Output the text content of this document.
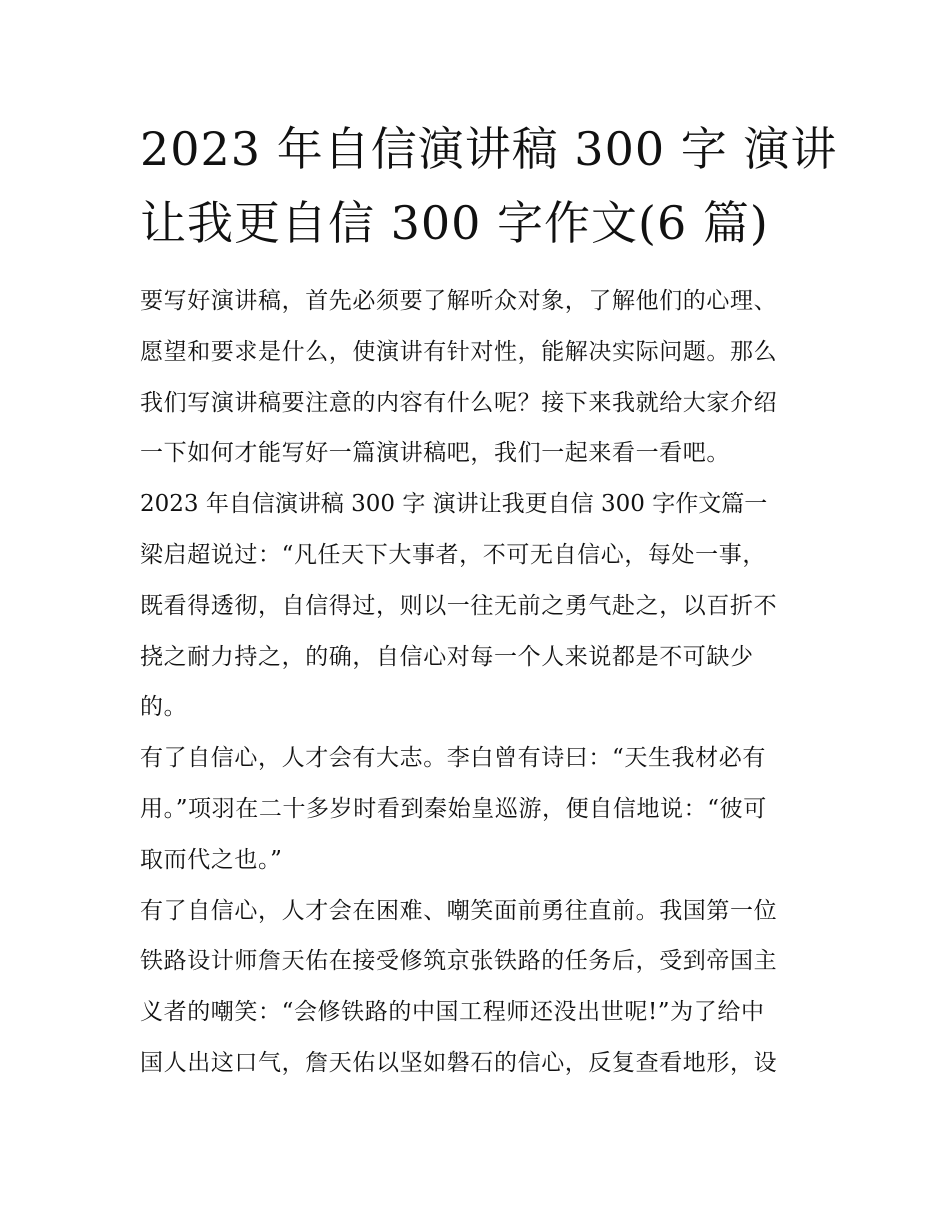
2023 年自信演讲稿 300 字 演讲
让我更自信 300 字作文(6 篇)
要写好演讲稿，首先必须要了解听众对象，了解他们的心理、
愿望和要求是什么，使演讲有针对性，能解决实际问题。那么
我们写演讲稿要注意的内容有什么呢？接下来我就给大家介绍
一下如何才能写好一篇演讲稿吧，我们一起来看一看吧。
2023 年自信演讲稿 300 字 演讲让我更自信 300 字作文篇一
梁启超说过：“凡任天下大事者，不可无自信心，每处一事，
既看得透彻，自信得过，则以一往无前之勇气赴之，以百折不
挠之耐力持之，的确，自信心对每一个人来说都是不可缺少
的。
有了自信心，人才会有大志。李白曾有诗曰：“天生我材必有
用。”项羽在二十多岁时看到秦始皇巡游，便自信地说：“彼可
取而代之也。”
有了自信心，人才会在困难、嘲笑面前勇往直前。我国第一位
铁路设计师詹天佑在接受修筑京张铁路的任务后，受到帝国主
义者的嘲笑：“会修铁路的中国工程师还没出世呢!”为了给中
国人出这口气，詹天佑以坚如磐石的信心，反复查看地形，设
